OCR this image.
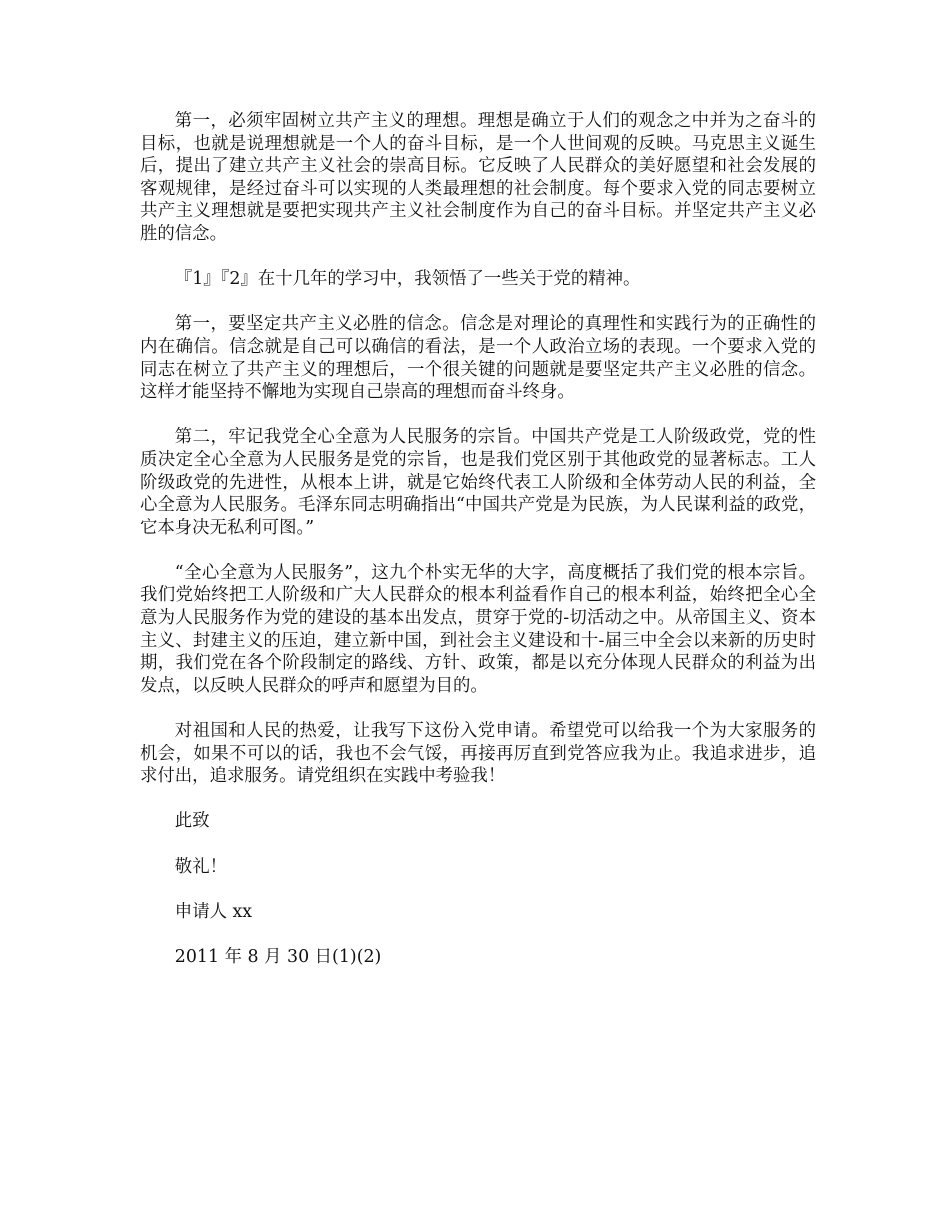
第一，必须牢固树立共产主义的理想。理想是确立于人们的观念之中并为之奋斗的目标，也就是说理想就是一个人的奋斗目标，是一个人世间观的反映。马克思主义诞生后，提出了建立共产主义社会的崇高目标。它反映了人民群众的美好愿望和社会发展的客观规律，是经过奋斗可以实现的人类最理想的社会制度。每个要求入党的同志要树立共产主义理想就是要把实现共产主义社会制度作为自己的奋斗目标。并坚定共产主义必胜的信念。

『1』『2』在十几年的学习中，我领悟了一些关于党的精神。

第一，要坚定共产主义必胜的信念。信念是对理论的真理性和实践行为的正确性的内在确信。信念就是自己可以确信的看法，是一个人政治立场的表现。一个要求入党的同志在树立了共产主义的理想后，一个很关键的问题就是要坚定共产主义必胜的信念。这样才能坚持不懈地为实现自己崇高的理想而奋斗终身。

第二，牢记我党全心全意为人民服务的宗旨。中国共产党是工人阶级政党，党的性质决定全心全意为人民服务是党的宗旨，也是我们党区别于其他政党的显著标志。工人阶级政党的先进性，从根本上讲，就是它始终代表工人阶级和全体劳动人民的利益，全心全意为人民服务。毛泽东同志明确指出“中国共产党是为民族，为人民谋利益的政党，它本身决无私利可图。”

“全心全意为人民服务”，这九个朴实无华的大字，高度概括了我们党的根本宗旨。我们党始终把工人阶级和广大人民群众的根本利益看作自己的根本利益，始终把全心全意为人民服务作为党的建设的基本出发点，贯穿于党的-切活动之中。从帝国主义、资本主义、封建主义的压迫，建立新中国，到社会主义建设和十-届三中全会以来新的历史时期，我们党在各个阶段制定的路线、方针、政策，都是以充分体现人民群众的利益为出发点，以反映人民群众的呼声和愿望为目的。

对祖国和人民的热爱，让我写下这份入党申请。希望党可以给我一个为大家服务的机会，如果不可以的话，我也不会气馁，再接再厉直到党答应我为止。我追求进步，追求付出，追求服务。请党组织在实践中考验我！

此致

敬礼！

申请人 xx

2011 年 8 月 30 日(1)(2)
